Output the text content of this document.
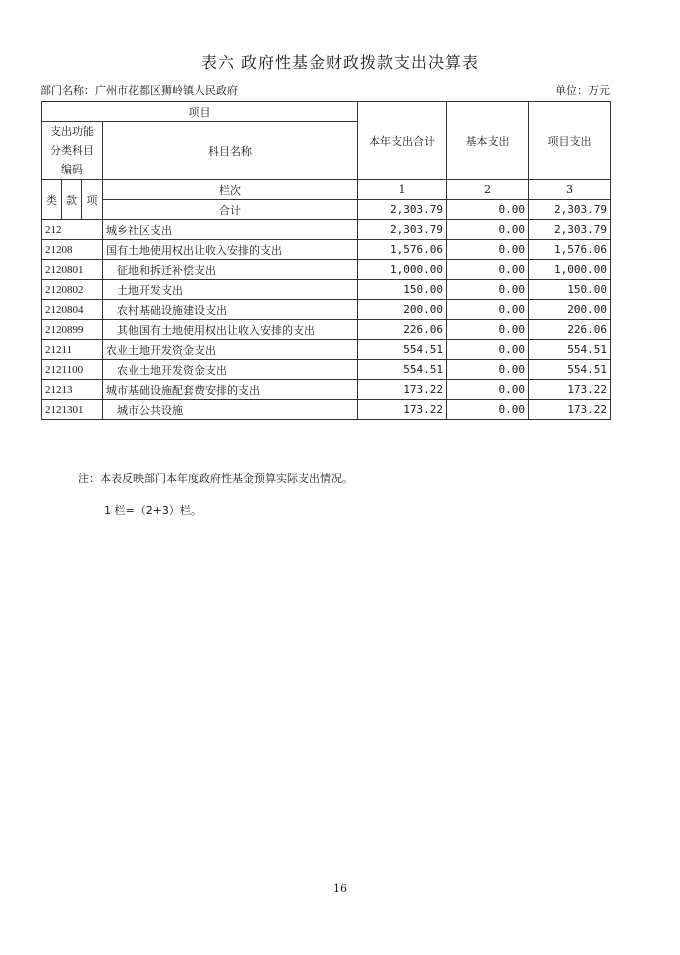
表六 政府性基金财政拨款支出决算表
部门名称：广州市花都区狮岭镇人民政府	单位：万元
项目				本年支出合计	基本支出	项目支出
支出功能分类科目编码			科目名称			

类	款	项	栏次	1	2	3
			合计	2,303.79	0.00	2,303.79
212			城乡社区支出	2,303.79	0.00	2,303.79
21208			国有土地使用权出让收入安排的支出	1,576.06	0.00	1,576.06
2120801			征地和拆迁补偿支出	1,000.00	0.00	1,000.00
2120802			土地开发支出	150.00	0.00	150.00
2120804			农村基础设施建设支出	200.00	0.00	200.00
2120899			其他国有土地使用权出让收入安排的支出	226.06	0.00	226.06
21211			农业土地开发资金支出	554.51	0.00	554.51
2121100			农业土地开发资金支出	554.51	0.00	554.51
21213			城市基础设施配套费安排的支出	173.22	0.00	173.22
2121301			城市公共设施	173.22	0.00	173.22
注：本表反映部门本年度政府性基金预算实际支出情况。
1 栏=（2+3）栏。
16
